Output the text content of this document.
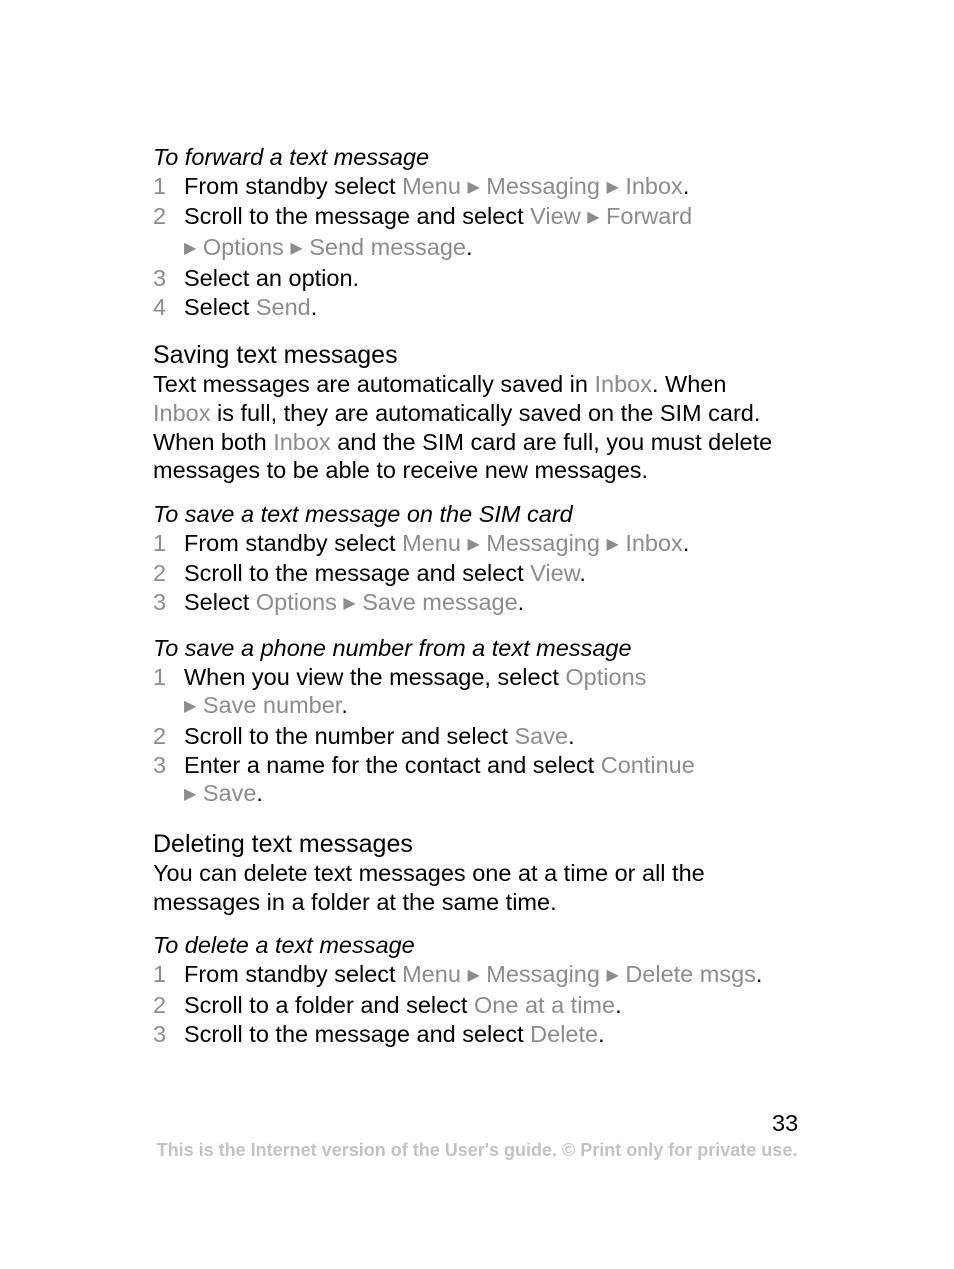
To forward a text message
1 From standby select Menu ▶ Messaging ▶ Inbox.
2 Scroll to the message and select View ▶ Forward
▶ Options ▶ Send message.
3 Select an option.
4 Select Send.
Saving text messages

Text messages are automatically saved in Inbox. When
Inbox is full, they are automatically saved on the SIM card.
When both Inbox and the SIM card are full, you must delete messages to be able to receive new messages.

To save a text message on the SIM card
1 From standby select Menu ▶ Messaging ▶ Inbox.
2 Scroll to the message and select View.
3 Select Options ▶ Save message.
To save a phone number from a text message
1 When you view the message, select Options
▶ Save number.
2 Scroll to the number and select Save.
3 Enter a name for the contact and select Continue
▶ Save.
Deleting text messages

You can delete text messages one at a time or all the messages in a folder at the same time.

To delete a text message
1 From standby select Menu ▶ Messaging ▶ Delete msgs.
2 Scroll to a folder and select One at a time.
3 Scroll to the message and select Delete.
33
This is the Internet version of the User's guide. © Print only for private use.
